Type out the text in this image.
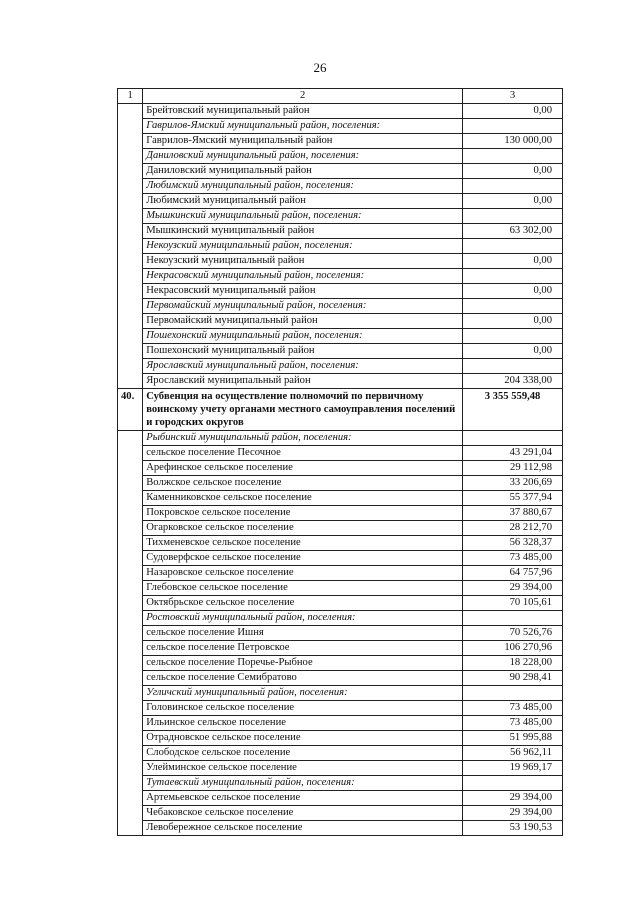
26
1	2	3
	Брейтовский муниципальный район	0,00
	Гаврилов-Ямский муниципальный район, поселения:	
	Гаврилов-Ямский муниципальный район	130 000,00
	Даниловский муниципальный район, поселения:	
	Даниловский муниципальный район	0,00
	Любимский муниципальный район, поселения:	
	Любимский муниципальный район	0,00
	Мышкинский муниципальный район, поселения:	
	Мышкинский муниципальный район	63 302,00
	Некоузский муниципальный район, поселения:	
	Некоузский муниципальный район	0,00
	Некрасовский муниципальный район, поселения:	
	Некрасовский муниципальный район	0,00
	Первомайский муниципальный район, поселения:	
	Первомайский муниципальный район	0,00
	Пошехонский муниципальный район, поселения:	
	Пошехонский муниципальный район	0,00
	Ярославский муниципальный район, поселения:	
	Ярославский муниципальный район	204 338,00
40.	Субвенция на осуществление полномочий по первичному воинскому учету органами местного самоуправления поселений и городских округов	3 355 559,48
	Рыбинский муниципальный район, поселения:	
	сельское поселение Песочное	43 291,04
	Арефинское сельское поселение	29 112,98
	Волжское сельское поселение	33 206,69
	Каменниковское сельское поселение	55 377,94
	Покровское сельское поселение	37 880,67
	Огарковское сельское поселение	28 212,70
	Тихменевское сельское поселение	56 328,37
	Судоверфское сельское поселение	73 485,00
	Назаровское сельское поселение	64 757,96
	Глебовское сельское поселение	29 394,00
	Октябрьское сельское поселение	70 105,61
	Ростовский муниципальный район, поселения:	
	сельское поселение Ишня	70 526,76
	сельское поселение Петровское	106 270,96
	сельское поселение Поречье-Рыбное	18 228,00
	сельское поселение Семибратово	90 298,41
	Угличский муниципальный район, поселения:	
	Головинское сельское поселение	73 485,00
	Ильинское сельское поселение	73 485,00
	Отрадновское сельское поселение	51 995,88
	Слободское сельское поселение	56 962,11
	Улейминское сельское поселение	19 969,17
	Тутаевский муниципальный район, поселения:	
	Артемьевское сельское поселение	29 394,00
	Чебаковское сельское поселение	29 394,00
	Левобережное сельское поселение	53 190,53
